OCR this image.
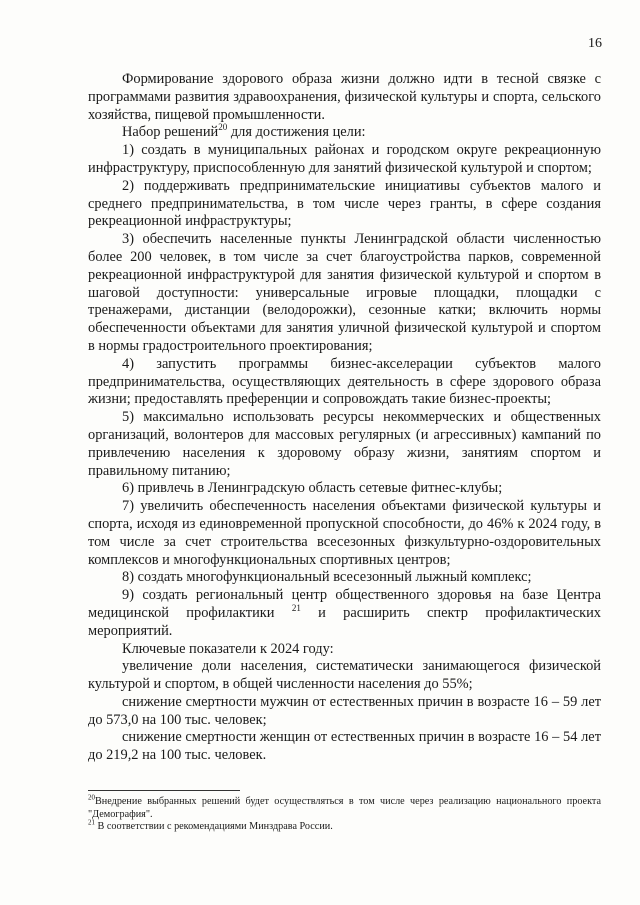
16

Формирование здорового образа жизни должно идти в тесной связке с программами развития здравоохранения, физической культуры и спорта, сельского хозяйства, пищевой промышленности.

Набор решений$^{20}$ для достижения цели:

1) создать в муниципальных районах и городском округе рекреационную инфраструктуру, приспособленную для занятий физической культурой и спортом;

2) поддерживать предпринимательские инициативы субъектов малого и среднего предпринимательства, в том числе через гранты, в сфере создания рекреационной инфраструктуры;

3) обеспечить населенные пункты Ленинградской области численностью более 200 человек, в том числе за счет благоустройства парков, современной рекреационной инфраструктурой для занятия физической культурой и спортом в шаговой доступности: универсальные игровые площадки, площадки с тренажерами, дистанции (велодорожки), сезонные катки; включить нормы обеспеченности объектами для занятия уличной физической культурой и спортом в нормы градостроительного проектирования;

4) запустить программы бизнес-акселерации субъектов малого предпринимательства, осуществляющих деятельность в сфере здорового образа жизни; предоставлять преференции и сопровождать такие бизнес-проекты;

5) максимально использовать ресурсы некоммерческих и общественных организаций, волонтеров для массовых регулярных (и агрессивных) кампаний по привлечению населения к здоровому образу жизни, занятиям спортом и правильному питанию;

6) привлечь в Ленинградскую область сетевые фитнес-клубы;

7) увеличить обеспеченность населения объектами физической культуры и спорта, исходя из единовременной пропускной способности, до 46% к 2024 году, в том числе за счет строительства всесезонных физкультурно-оздоровительных комплексов и многофункциональных спортивных центров;

8) создать многофункциональный всесезонный лыжный комплекс;

9) создать региональный центр общественного здоровья на базе Центра медицинской профилактики $^{21}$ и расширить спектр профилактических мероприятий.

Ключевые показатели к 2024 году:

увеличение доли населения, систематически занимающегося физической культурой и спортом, в общей численности населения до 55%;

снижение смертности мужчин от естественных причин в возрасте 16 – 59 лет до 573,0 на 100 тыс. человек;

снижение смертности женщин от естественных причин в возрасте 16 – 54 лет до 219,2 на 100 тыс. человек.

$^{20}$Внедрение выбранных решений будет осуществляться в том числе через реализацию национального проекта "Демография".

$^{21}$ В соответствии с рекомендациями Минздрава России.
